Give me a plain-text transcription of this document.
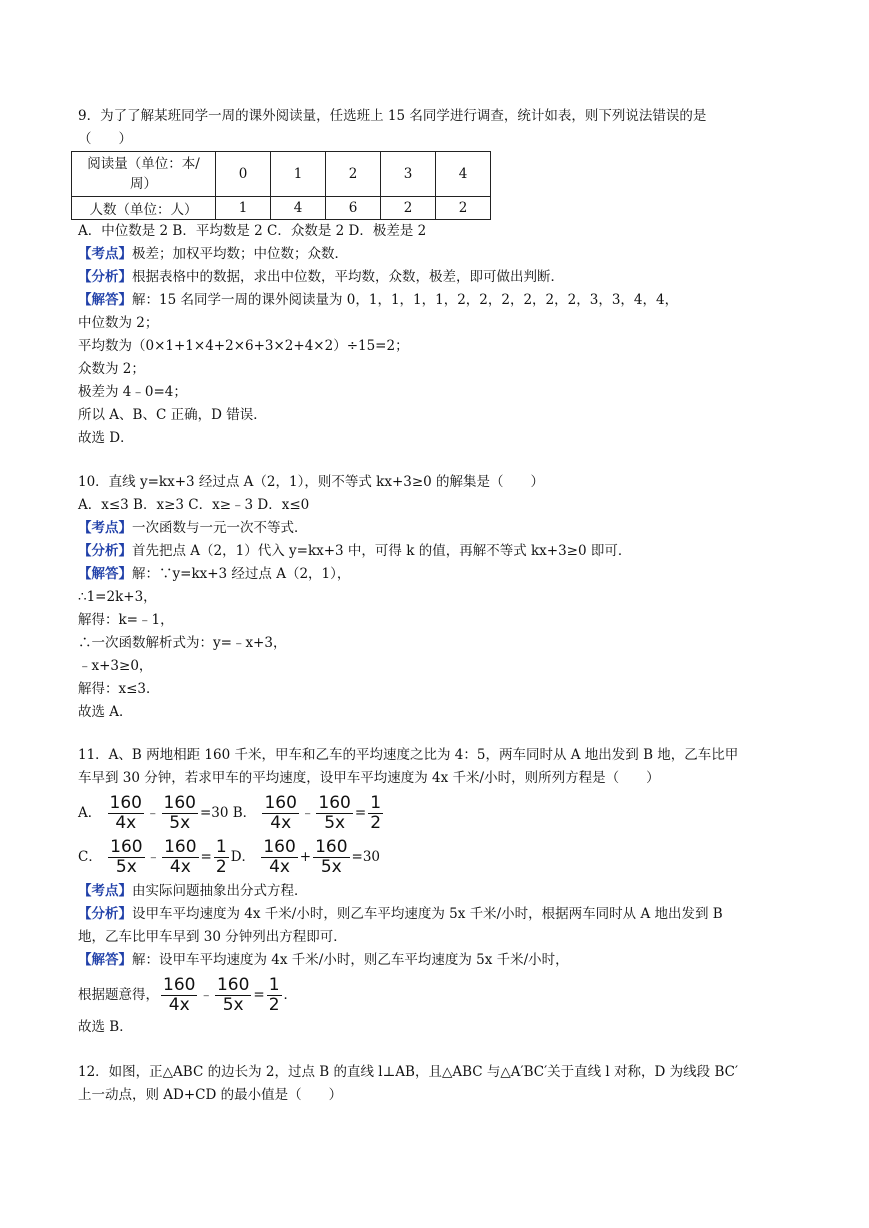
9．为了了解某班同学一周的课外阅读量，任选班上 15 名同学进行调查，统计如表，则下列说法错误的是
（　　）
阅读量（单位：本/
周）	0	1	2	3	4
人数（单位：人）	1	4	6	2	2
A．中位数是 2 B．平均数是 2 C．众数是 2 D．极差是 2
【考点】极差；加权平均数；中位数；众数．
【分析】根据表格中的数据，求出中位数，平均数，众数，极差，即可做出判断．
【解答】解：15 名同学一周的课外阅读量为 0，1，1，1，1，2，2，2，2，2，2，3，3，4，4，
中位数为 2；
平均数为（0×1+1×4+2×6+3×2+4×2）÷15=2；
众数为 2；
极差为 4﹣0=4；
所以 A、B、C 正确，D 错误．
故选 D．
10．直线 y=kx+3 经过点 A（2，1），则不等式 kx+3≥0 的解集是（　　）
A．x≤3 B．x≥3 C．x≥﹣3 D．x≤0
【考点】一次函数与一元一次不等式．
【分析】首先把点 A（2，1）代入 y=kx+3 中，可得 k 的值，再解不等式 kx+3≥0 即可．
【解答】解：∵y=kx+3 经过点 A（2，1），
∴1=2k+3，
解得：k=﹣1，
∴一次函数解析式为：y=﹣x+3，
﹣x+3≥0，
解得：x≤3．
故选 A．
11．A、B 两地相距 160 千米，甲车和乙车的平均速度之比为 4：5，两车同时从 A 地出发到 B 地，乙车比甲
车早到 30 分钟，若求甲车的平均速度，设甲车平均速度为 4x 千米/小时，则所列方程是（　　）
A． $\frac{160}{4x}$ ﹣ $\frac{160}{5x} =30$ B． $\frac{160}{4x}$ ﹣ $\frac{160}{5x} = \frac{1}{2}$
C． $\frac{160}{5x}$ ﹣ $\frac{160}{4x} = \frac{1}{2}$ D． $\frac{160}{4x} + \frac{160}{5x} =30$
【考点】由实际问题抽象出分式方程．
【分析】设甲车平均速度为 4x 千米/小时，则乙车平均速度为 5x 千米/小时，根据两车同时从 A 地出发到 B
地，乙车比甲车早到 30 分钟列出方程即可．
【解答】解：设甲车平均速度为 4x 千米/小时，则乙车平均速度为 5x 千米/小时，
根据题意得， $\frac{160}{4x}$ ﹣ $\frac{160}{5x} = \frac{1}{2}$ ．
故选 B．
12．如图，正△ABC 的边长为 2，过点 B 的直线 l⊥AB，且△ABC 与△A′BC′关于直线 l 对称，D 为线段 BC′
上一动点，则 AD+CD 的最小值是（　　）
